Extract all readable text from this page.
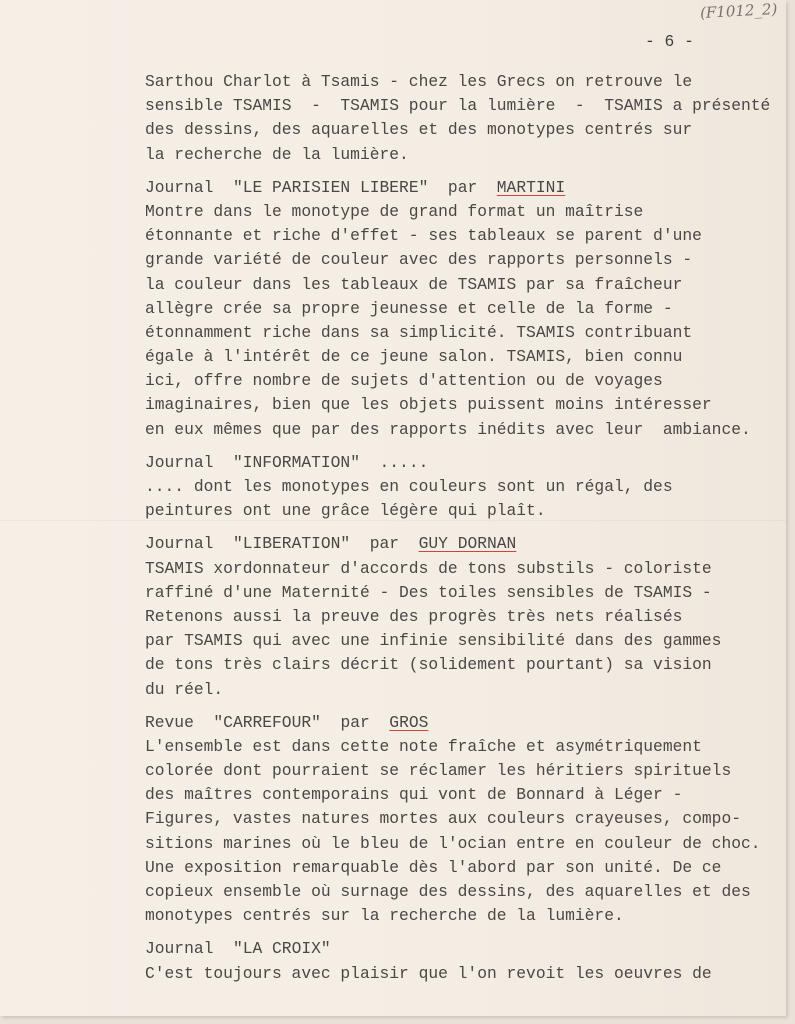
(F1012_2)
- 6 -
Sarthou Charlot à Tsamis - chez les Grecs on retrouve le
sensible TSAMIS  -  TSAMIS pour la lumière  -  TSAMIS a présenté
des dessins, des aquarelles et des monotypes centrés sur
la recherche de la lumière.
Journal "LE PARISIEN LIBERE" par MARTINI
Montre dans le monotype de grand format un maîtrise
étonnante et riche d'effet - ses tableaux se parent d'une
grande variété de couleur avec des rapports personnels -
la couleur dans les tableaux de TSAMIS par sa fraîcheur
allègre crée sa propre jeunesse et celle de la forme -
étonnamment riche dans sa simplicité. TSAMIS contribuant
égale à l'intérêt de ce jeune salon. TSAMIS, bien connu
ici, offre nombre de sujets d'attention ou de voyages
imaginaires, bien que les objets puissent moins intéresser
en eux mêmes que par des rapports inédits avec leur  ambiance.
Journal "INFORMATION" .....
.... dont les monotypes en couleurs sont un régal, des
peintures ont une grâce légère qui plaît.
Journal "LIBERATION" par GUY DORNAN
TSAMIS xordonnateur d'accords de tons substils - coloriste
raffiné d'une Maternité - Des toiles sensibles de TSAMIS -
Retenons aussi la preuve des progrès très nets réalisés
par TSAMIS qui avec une infinie sensibilité dans des gammes
de tons très clairs décrit (solidement pourtant) sa vision
du réel.
Revue "CARREFOUR" par GROS
L'ensemble est dans cette note fraîche et asymétriquement
colorée dont pourraient se réclamer les héritiers spirituels
des maîtres contemporains qui vont de Bonnard à Léger -
Figures, vastes natures mortes aux couleurs crayeuses, compo-
sitions marines où le bleu de l'ocian entre en couleur de choc.
Une exposition remarquable dès l'abord par son unité. De ce
copieux ensemble où surnage des dessins, des aquarelles et des
monotypes centrés sur la recherche de la lumière.
Journal "LA CROIX"
C'est toujours avec plaisir que l'on revoit les oeuvres de
